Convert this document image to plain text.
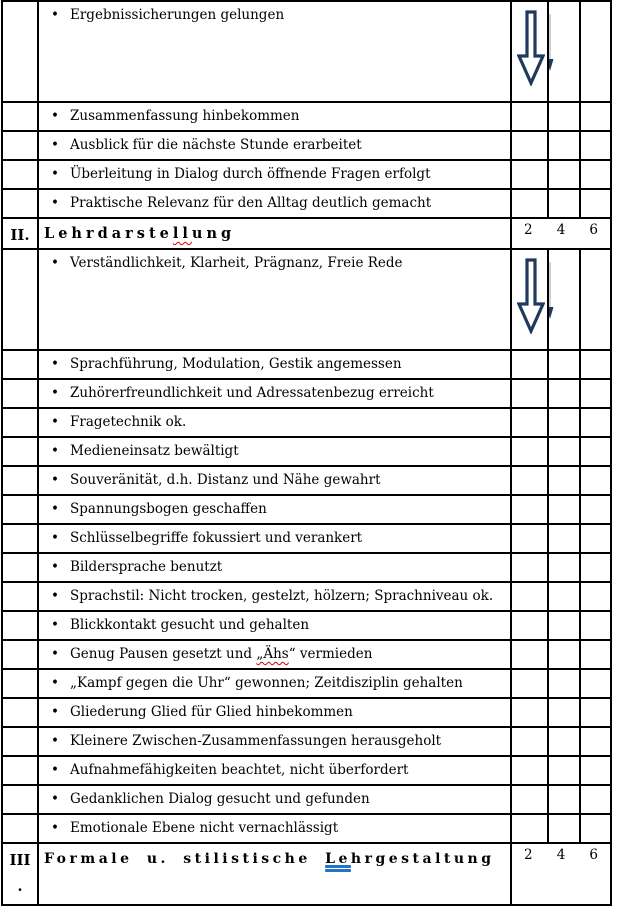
	• Ergebnissicherungen gelungen	

	• Zusammenfassung hinbekommen			
	• Ausblick für die nächste Stunde erarbeitet			
	• Überleitung in Dialog durch öffnende Fragen erfolgt			
	• Praktische Relevanz für den Alltag deutlich gemacht			
II.	Lehrdarstellung	2 4 6		

	• Verständlichkeit, Klarheit, Prägnanz, Freie Rede	

	• Sprachführung, Modulation, Gestik angemessen			
	• Zuhörerfreundlichkeit und Adressatenbezug erreicht			
	• Fragetechnik ok.			
	• Medieneinsatz bewältigt			
	• Souveränität, d.h. Distanz und Nähe gewahrt			
	• Spannungsbogen geschaffen			
	• Schlüsselbegriffe fokussiert und verankert			
	• Bildersprache benutzt			
	• Sprachstil: Nicht trocken, gestelzt, hölzern; Sprachniveau ok.			
	• Blickkontakt gesucht und gehalten			
	• Genug Pausen gesetzt und „Ähs“ vermieden			
	• „Kampf gegen die Uhr“ gewonnen; Zeitdisziplin gehalten			
	• Gliederung Glied für Glied hinbekommen			
	• Kleinere Zwischen-Zusammenfassungen herausgeholt			
	• Aufnahmefähigkeiten beachtet, nicht überfordert			
	• Gedanklichen Dialog gesucht und gefunden			
	• Emotionale Ebene nicht vernachlässigt			
III
.	Formale u. stilistische Lehrgestaltung	2 4 6		
